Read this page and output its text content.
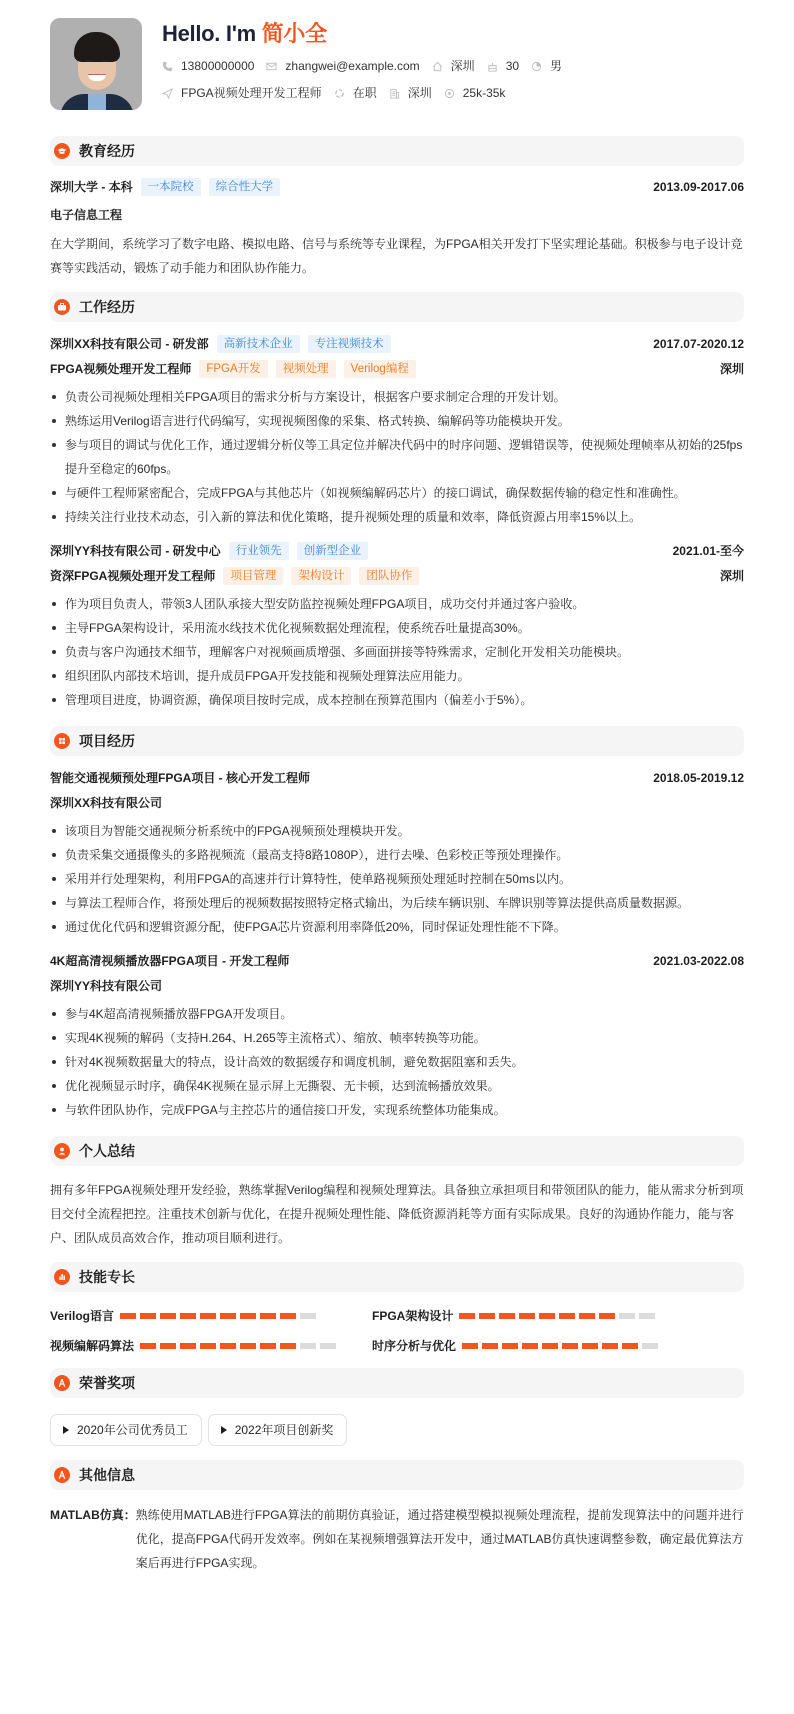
Hello. I'm 简小全
13800000000	zhangwei@example.com	深圳	30	男
FPGA视频处理开发工程师	在职	深圳	25k-35k
教育经历
深圳大学 - 本科	一本院校	综合性大学	2013.09-2017.06
电子信息工程
在大学期间，系统学习了数字电路、模拟电路、信号与系统等专业课程，为FPGA相关开发打下坚实理论基础。积极参与电子设计竞赛等实践活动，锻炼了动手能力和团队协作能力。
工作经历
深圳XX科技有限公司 - 研发部	高新技术企业	专注视频技术	2017.07-2020.12
FPGA视频处理开发工程师	FPGA开发	视频处理	Verilog编程	深圳
负责公司视频处理相关FPGA项目的需求分析与方案设计，根据客户要求制定合理的开发计划。
熟练运用Verilog语言进行代码编写，实现视频图像的采集、格式转换、编解码等功能模块开发。
参与项目的调试与优化工作，通过逻辑分析仪等工具定位并解决代码中的时序问题、逻辑错误等，使视频处理帧率从初始的25fps提升至稳定的60fps。
与硬件工程师紧密配合，完成FPGA与其他芯片（如视频编解码芯片）的接口调试，确保数据传输的稳定性和准确性。
持续关注行业技术动态，引入新的算法和优化策略，提升视频处理的质量和效率，降低资源占用率15%以上。
深圳YY科技有限公司 - 研发中心	行业领先	创新型企业	2021.01-至今
资深FPGA视频处理开发工程师	项目管理	架构设计	团队协作	深圳
作为项目负责人，带领3人团队承接大型安防监控视频处理FPGA项目，成功交付并通过客户验收。
主导FPGA架构设计，采用流水线技术优化视频数据处理流程，使系统吞吐量提高30%。
负责与客户沟通技术细节，理解客户对视频画质增强、多画面拼接等特殊需求，定制化开发相关功能模块。
组织团队内部技术培训，提升成员FPGA开发技能和视频处理算法应用能力。
管理项目进度，协调资源，确保项目按时完成，成本控制在预算范围内（偏差小于5%）。
项目经历
智能交通视频预处理FPGA项目 - 核心开发工程师	2018.05-2019.12
深圳XX科技有限公司
该项目为智能交通视频分析系统中的FPGA视频预处理模块开发。
负责采集交通摄像头的多路视频流（最高支持8路1080P），进行去噪、色彩校正等预处理操作。
采用并行处理架构，利用FPGA的高速并行计算特性，使单路视频预处理延时控制在50ms以内。
与算法工程师合作，将预处理后的视频数据按照特定格式输出，为后续车辆识别、车牌识别等算法提供高质量数据源。
通过优化代码和逻辑资源分配，使FPGA芯片资源利用率降低20%，同时保证处理性能不下降。
4K超高清视频播放器FPGA项目 - 开发工程师	2021.03-2022.08
深圳YY科技有限公司
参与4K超高清视频播放器FPGA开发项目。
实现4K视频的解码（支持H.264、H.265等主流格式）、缩放、帧率转换等功能。
针对4K视频数据量大的特点，设计高效的数据缓存和调度机制，避免数据阻塞和丢失。
优化视频显示时序，确保4K视频在显示屏上无撕裂、无卡顿，达到流畅播放效果。
与软件团队协作，完成FPGA与主控芯片的通信接口开发，实现系统整体功能集成。
个人总结
拥有多年FPGA视频处理开发经验，熟练掌握Verilog编程和视频处理算法。具备独立承担项目和带领团队的能力，能从需求分析到项目交付全流程把控。注重技术创新与优化，在提升视频处理性能、降低资源消耗等方面有实际成果。良好的沟通协作能力，能与客户、团队成员高效合作，推动项目顺利进行。
技能专长
Verilog语言	FPGA架构设计
视频编解码算法	时序分析与优化
荣誉奖项
2020年公司优秀员工	2022年项目创新奖
其他信息
MATLAB仿真： 熟练使用MATLAB进行FPGA算法的前期仿真验证，通过搭建模型模拟视频处理流程，提前发现算法中的问题并进行优化，提高FPGA代码开发效率。例如在某视频增强算法开发中，通过MATLAB仿真快速调整参数，确定最优算法方案后再进行FPGA实现。
